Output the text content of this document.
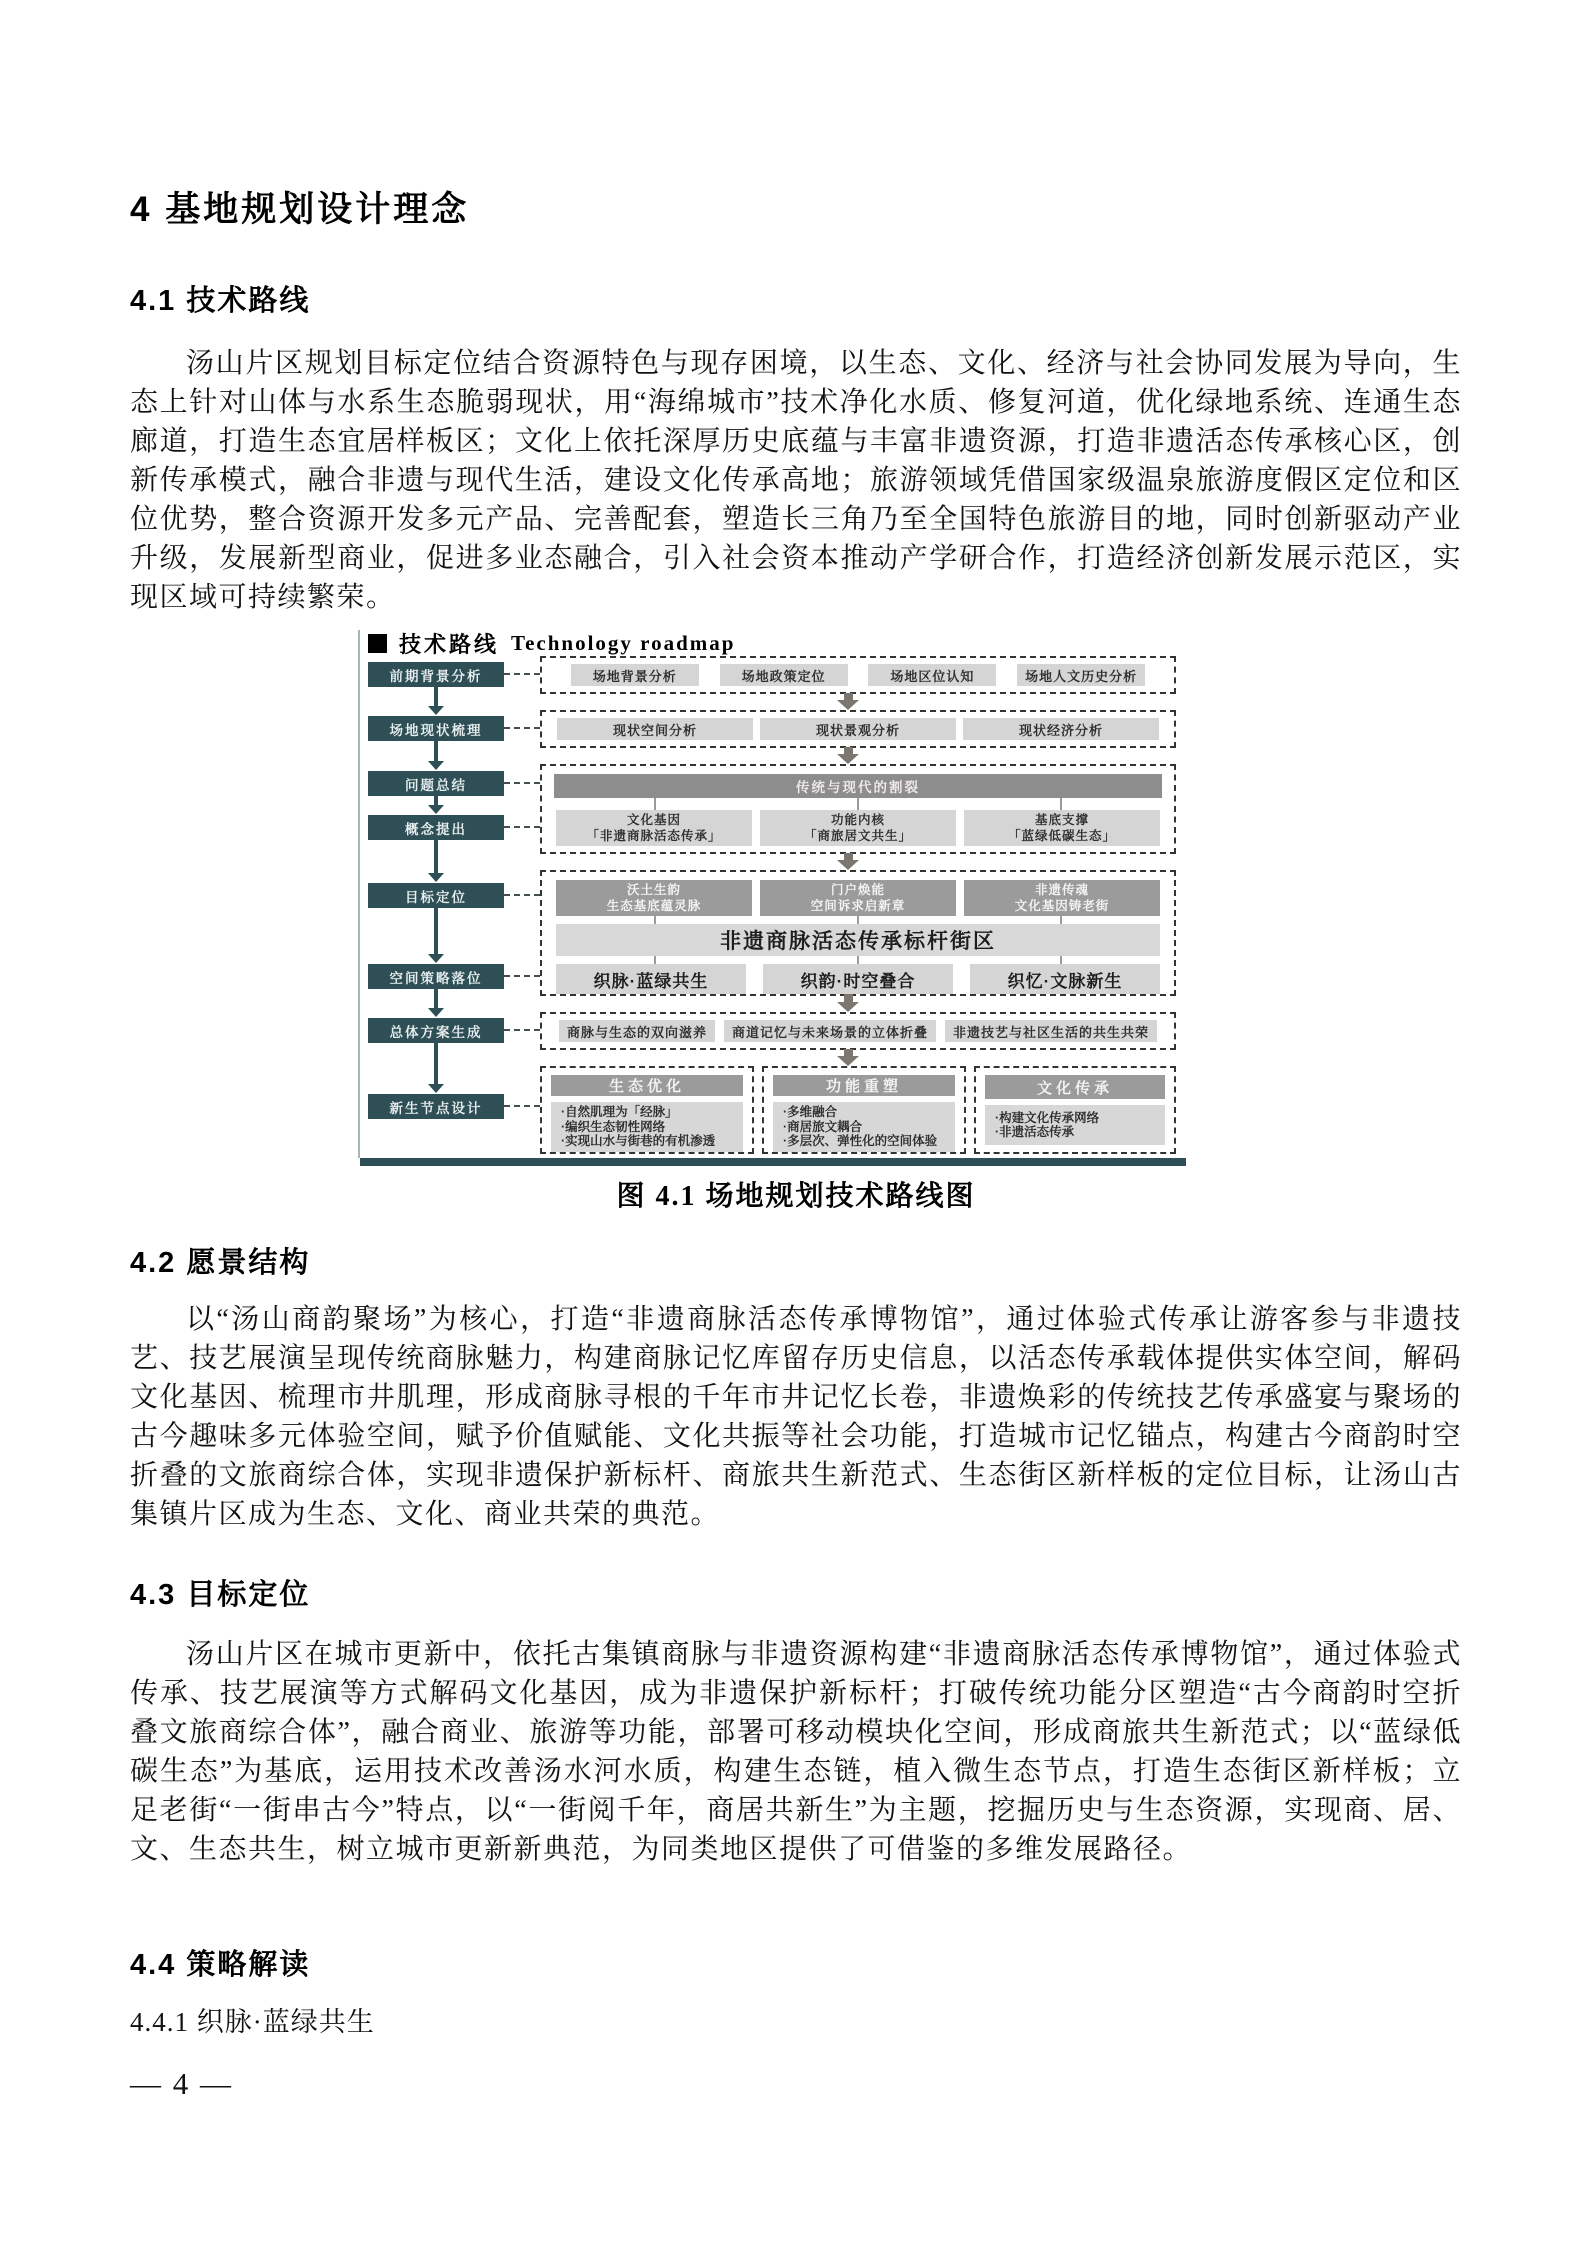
4 基地规划设计理念
4.1 技术路线

汤山片区规划目标定位结合资源特色与现存困境，以生态、文化、经济与社会协同发展为导向，生态上针对山体与水系生态脆弱现状，用“海绵城市”技术净化水质、修复河道，优化绿地系统、连通生态廊道，打造生态宜居样板区；文化上依托深厚历史底蕴与丰富非遗资源，打造非遗活态传承核心区，创新传承模式，融合非遗与现代生活，建设文化传承高地；旅游领域凭借国家级温泉旅游度假区定位和区位优势，整合资源开发多元产品、完善配套，塑造长三角乃至全国特色旅游目的地，同时创新驱动产业升级，发展新型商业，促进多业态融合，引入社会资本推动产学研合作，打造经济创新发展示范区，实现区域可持续繁荣。

技术路线 Technology roadmap
前期背景分析
场地现状梳理
问题总结
概念提出
目标定位
空间策略落位
总体方案生成
新生节点设计
场地背景分析	场地政策定位	场地区位认知	场地人文历史分析
现状空间分析	现状景观分析	现状经济分析
传统与现代的割裂
文化基因
「非遗商脉活态传承」
功能内核
「商旅居文共生」
基底支撑
「蓝绿低碳生态」
沃土生韵
生态基底蕴灵脉
门户焕能
空间诉求启新章
非遗传魂
文化基因铸老街
非遗商脉活态传承标杆街区
织脉·蓝绿共生	织韵·时空叠合	织忆·文脉新生
商脉与生态的双向滋养	商道记忆与未来场景的立体折叠	非遗技艺与社区生活的共生共荣
生态优化
·自然肌理为「经脉」
·编织生态韧性网络
·实现山水与街巷的有机渗透
功能重塑
·多维融合
·商居旅文耦合
·多层次、弹性化的空间体验
文化传承
·构建文化传承网络
·非遗活态传承

图 4.1 场地规划技术路线图

4.2 愿景结构

以“汤山商韵聚场”为核心，打造“非遗商脉活态传承博物馆”，通过体验式传承让游客参与非遗技艺、技艺展演呈现传统商脉魅力，构建商脉记忆库留存历史信息，以活态传承载体提供实体空间，解码文化基因、梳理市井肌理，形成商脉寻根的千年市井记忆长卷，非遗焕彩的传统技艺传承盛宴与聚场的古今趣味多元体验空间，赋予价值赋能、文化共振等社会功能，打造城市记忆锚点，构建古今商韵时空折叠的文旅商综合体，实现非遗保护新标杆、商旅共生新范式、生态街区新样板的定位目标，让汤山古集镇片区成为生态、文化、商业共荣的典范。

4.3 目标定位

汤山片区在城市更新中，依托古集镇商脉与非遗资源构建“非遗商脉活态传承博物馆”，通过体验式传承、技艺展演等方式解码文化基因，成为非遗保护新标杆；打破传统功能分区塑造“古今商韵时空折叠文旅商综合体”，融合商业、旅游等功能，部署可移动模块化空间，形成商旅共生新范式；以“蓝绿低碳生态”为基底，运用技术改善汤水河水质，构建生态链，植入微生态节点，打造生态街区新样板；立足老街“一街串古今”特点，以“一街阅千年，商居共新生”为主题，挖掘历史与生态资源，实现商、居、文、生态共生，树立城市更新新典范，为同类地区提供了可借鉴的多维发展路径。

4.4 策略解读
4.4.1 织脉·蓝绿共生
— 4 —
